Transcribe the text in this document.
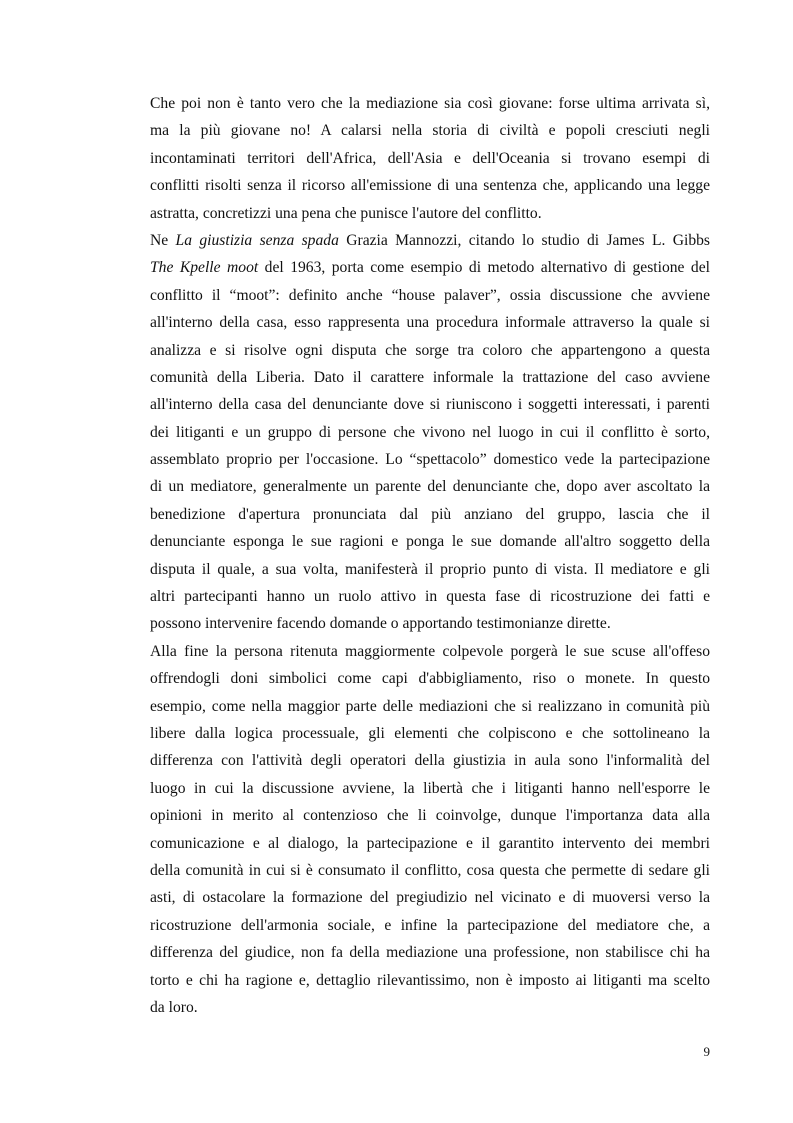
Che poi non è tanto vero che la mediazione sia così giovane: forse ultima arrivata sì,
ma la più giovane no! A calarsi nella storia di civiltà e popoli cresciuti negli
incontaminati territori dell'Africa, dell'Asia e dell'Oceania si trovano esempi di
conflitti risolti senza il ricorso all'emissione di una sentenza che, applicando una legge
astratta, concretizzi una pena che punisce l'autore del conflitto.
Ne La giustizia senza spada Grazia Mannozzi, citando lo studio di James L. Gibbs
The Kpelle moot del 1963, porta come esempio di metodo alternativo di gestione del
conflitto il “moot”: definito anche “house palaver”, ossia discussione che avviene
all'interno della casa, esso rappresenta una procedura informale attraverso la quale si
analizza e si risolve ogni disputa che sorge tra coloro che appartengono a questa
comunità della Liberia. Dato il carattere informale la trattazione del caso avviene
all'interno della casa del denunciante dove si riuniscono i soggetti interessati, i parenti
dei litiganti e un gruppo di persone che vivono nel luogo in cui il conflitto è sorto,
assemblato proprio per l'occasione. Lo “spettacolo” domestico vede la partecipazione
di un mediatore, generalmente un parente del denunciante che, dopo aver ascoltato la
benedizione d'apertura pronunciata dal più anziano del gruppo, lascia che il
denunciante esponga le sue ragioni e ponga le sue domande all'altro soggetto della
disputa il quale, a sua volta, manifesterà il proprio punto di vista. Il mediatore e gli
altri partecipanti hanno un ruolo attivo in questa fase di ricostruzione dei fatti e
possono intervenire facendo domande o apportando testimonianze dirette.
Alla fine la persona ritenuta maggiormente colpevole porgerà le sue scuse all'offeso
offrendogli doni simbolici come capi d'abbigliamento, riso o monete. In questo
esempio, come nella maggior parte delle mediazioni che si realizzano in comunità più
libere dalla logica processuale, gli elementi che colpiscono e che sottolineano la
differenza con l'attività degli operatori della giustizia in aula sono l'informalità del
luogo in cui la discussione avviene, la libertà che i litiganti hanno nell'esporre le
opinioni in merito al contenzioso che li coinvolge, dunque l'importanza data alla
comunicazione e al dialogo, la partecipazione e il garantito intervento dei membri
della comunità in cui si è consumato il conflitto, cosa questa che permette di sedare gli
asti, di ostacolare la formazione del pregiudizio nel vicinato e di muoversi verso la
ricostruzione dell'armonia sociale, e infine la partecipazione del mediatore che, a
differenza del giudice, non fa della mediazione una professione, non stabilisce chi ha
torto e chi ha ragione e, dettaglio rilevantissimo, non è imposto ai litiganti ma scelto
da loro.
9
